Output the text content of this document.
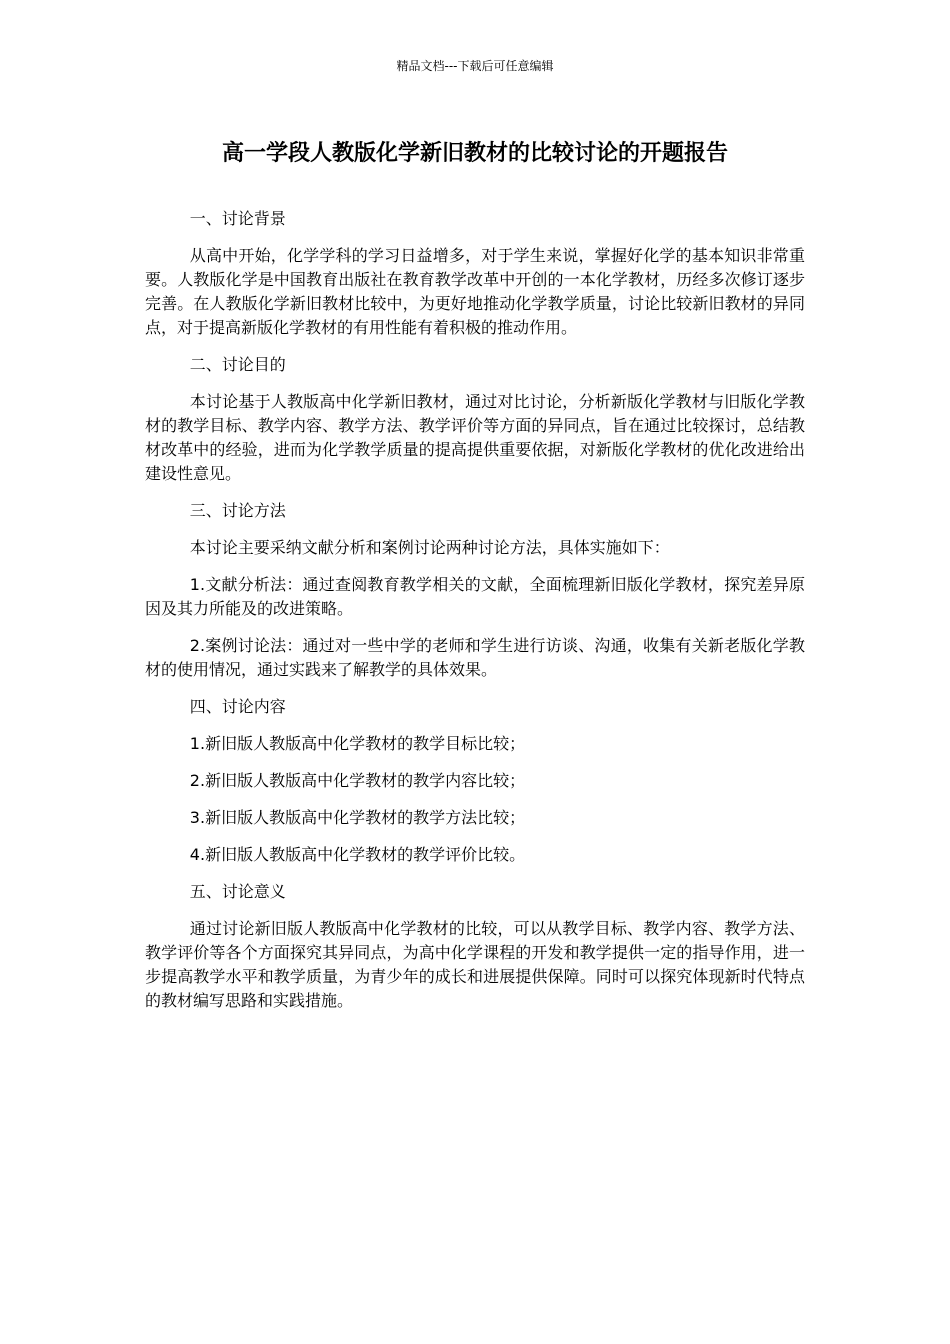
精品文档---下载后可任意编辑
高一学段人教版化学新旧教材的比较讨论的开题报告

一、讨论背景

从高中开始，化学学科的学习日益增多，对于学生来说，掌握好化学的基本知识非常重要。人教版化学是中国教育出版社在教育教学改革中开创的一本化学教材，历经多次修订逐步完善。在人教版化学新旧教材比较中，为更好地推动化学教学质量，讨论比较新旧教材的异同点，对于提高新版化学教材的有用性能有着积极的推动作用。

二、讨论目的

本讨论基于人教版高中化学新旧教材，通过对比讨论，分析新版化学教材与旧版化学教材的教学目标、教学内容、教学方法、教学评价等方面的异同点，旨在通过比较探讨，总结教材改革中的经验，进而为化学教学质量的提高提供重要依据，对新版化学教材的优化改进给出建设性意见。

三、讨论方法

本讨论主要采纳文献分析和案例讨论两种讨论方法，具体实施如下：

1.文献分析法：通过查阅教育教学相关的文献，全面梳理新旧版化学教材，探究差异原因及其力所能及的改进策略。

2.案例讨论法：通过对一些中学的老师和学生进行访谈、沟通，收集有关新老版化学教材的使用情况，通过实践来了解教学的具体效果。

四、讨论内容

1.新旧版人教版高中化学教材的教学目标比较；

2.新旧版人教版高中化学教材的教学内容比较；

3.新旧版人教版高中化学教材的教学方法比较；

4.新旧版人教版高中化学教材的教学评价比较。

五、讨论意义

通过讨论新旧版人教版高中化学教材的比较，可以从教学目标、教学内容、教学方法、教学评价等各个方面探究其异同点，为高中化学课程的开发和教学提供一定的指导作用，进一步提高教学水平和教学质量，为青少年的成长和进展提供保障。同时可以探究体现新时代特点的教材编写思路和实践措施。
